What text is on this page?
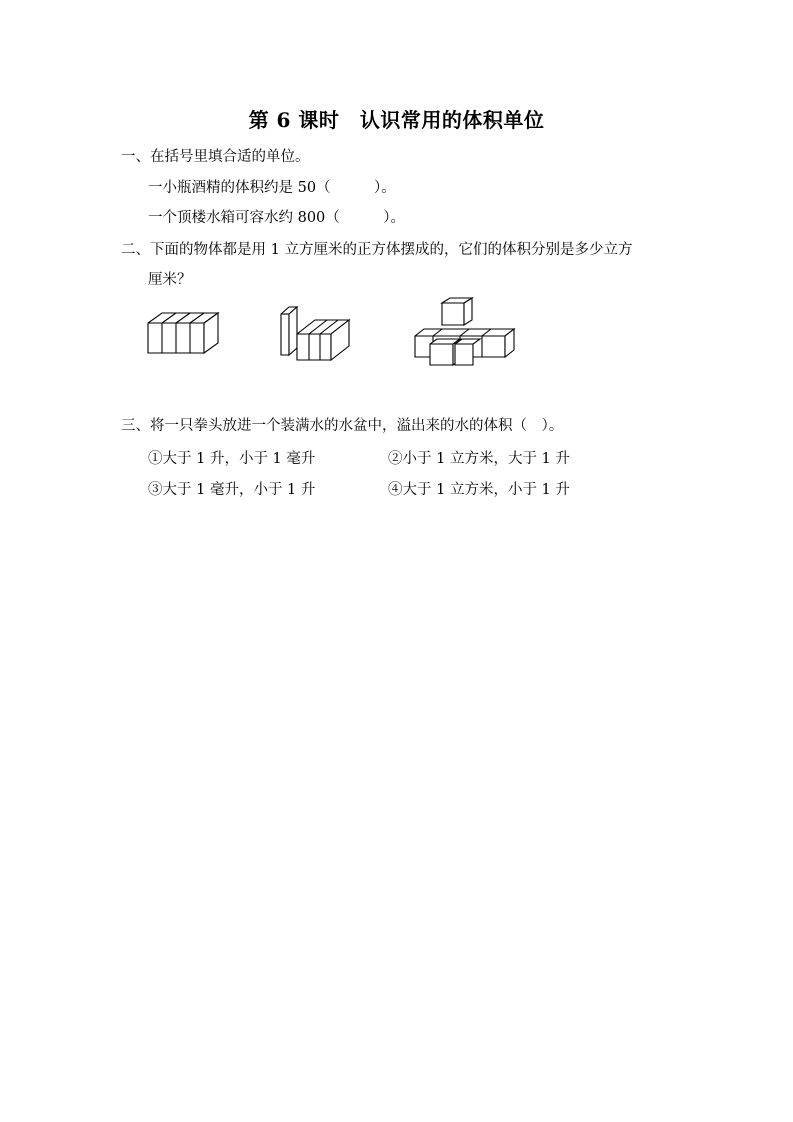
第 6 课时　认识常用的体积单位
一、在括号里填合适的单位。
一小瓶酒精的体积约是 50（　　　）。
一个顶楼水箱可容水约 800（　　　）。
二、下面的物体都是用 1 立方厘米的正方体摆成的，它们的体积分别是多少立方
厘米？
三、将一只拳头放进一个装满水的水盆中，溢出来的水的体积（　）。
①大于 1 升，小于 1 毫升	②小于 1 立方米，大于 1 升
③大于 1 毫升，小于 1 升	④大于 1 立方米，小于 1 升
